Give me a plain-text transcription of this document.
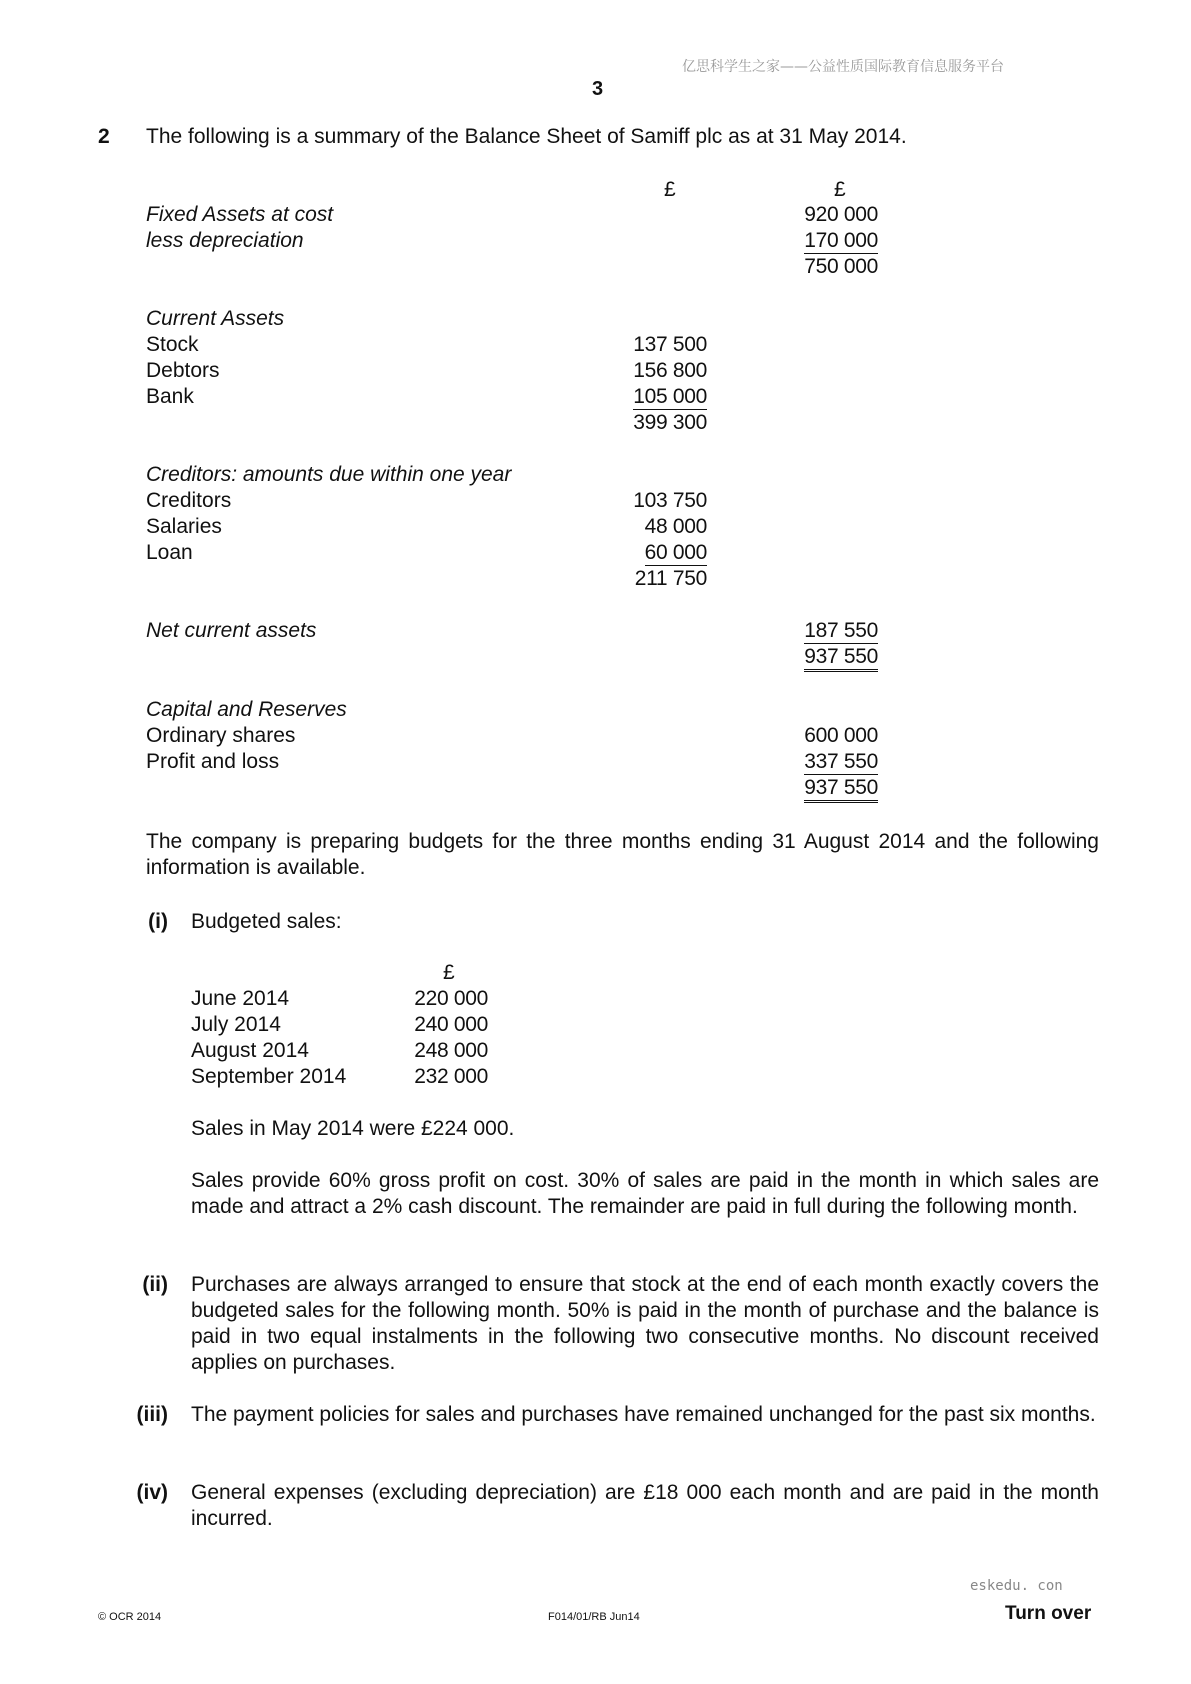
亿思科学生之家——公益性质国际教育信息服务平台
3
2 The following is a summary of the Balance Sheet of Samiff plc as at 31 May 2014.
£	£
Fixed Assets at cost	920 000
less depreciation	170 000
750 000
Current Assets
Stock	137 500
Debtors	156 800
Bank	105 000
399 300
Creditors: amounts due within one year
Creditors	103 750
Salaries	48 000
Loan	60 000
211 750
Net current assets	187 550
937 550
Capital and Reserves
Ordinary shares	600 000
Profit and loss	337 550
937 550
The company is preparing budgets for the three months ending 31 August 2014 and the following information is available.
(i) Budgeted sales:
£
June 2014	220 000
July 2014	240 000
August 2014	248 000
September 2014	232 000
Sales in May 2014 were £224 000.
Sales provide 60% gross profit on cost. 30% of sales are paid in the month in which sales are made and attract a 2% cash discount. The remainder are paid in full during the following month.
(ii) Purchases are always arranged to ensure that stock at the end of each month exactly covers the budgeted sales for the following month. 50% is paid in the month of purchase and the balance is paid in two equal instalments in the following two consecutive months. No discount received applies on purchases.
(iii) The payment policies for sales and purchases have remained unchanged for the past six months.
(iv) General expenses (excluding depreciation) are £18 000 each month and are paid in the month incurred.
eskedu. con
© OCR 2014	F014/01/RB Jun14	Turn over
